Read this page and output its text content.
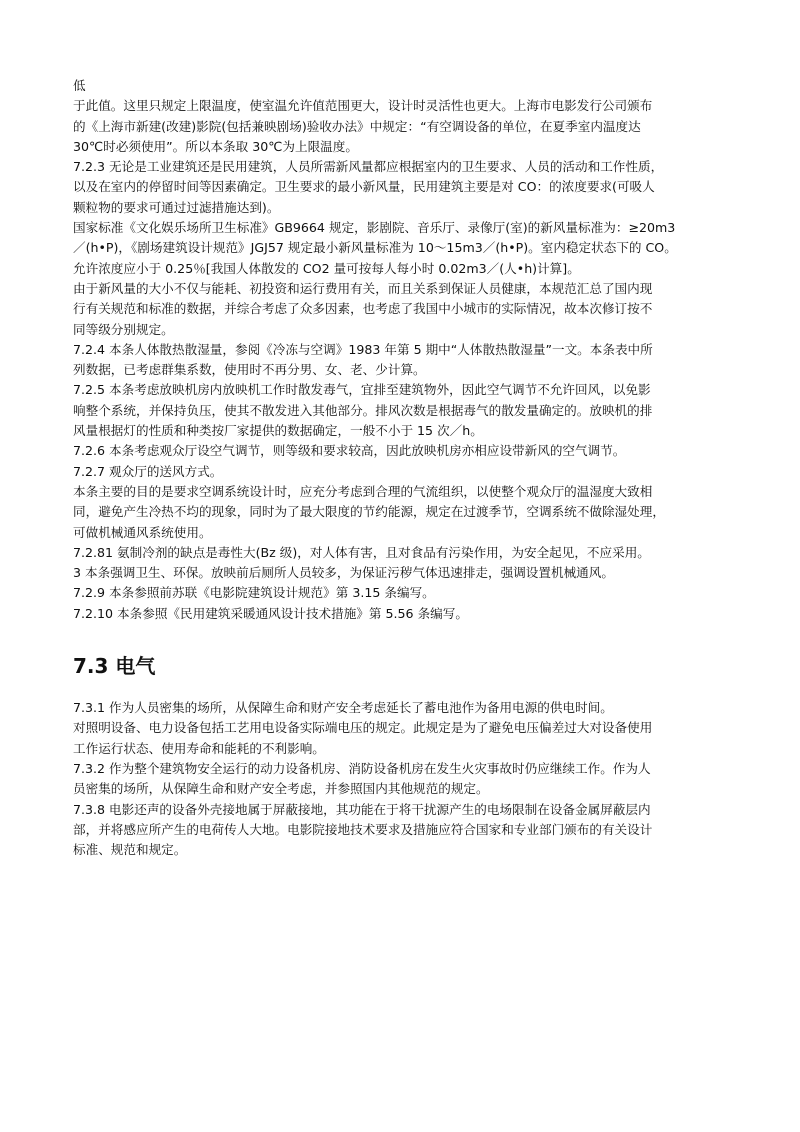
低

于此值。这里只规定上限温度，使室温允许值范围更大，设计时灵活性也更大。上海市电影发行公司颁布

的《上海市新建(改建)影院(包括兼映剧场)验收办法》中规定：“有空调设备的单位，在夏季室内温度达

30℃时必须使用”。所以本条取 30℃为上限温度。

7.2.3 无论是工业建筑还是民用建筑，人员所需新风量都应根据室内的卫生要求、人员的活动和工作性质，

以及在室内的停留时间等因素确定。卫生要求的最小新风量，民用建筑主要是对 CO：的浓度要求(可吸人

颗粒物的要求可通过过滤措施达到)。

国家标准《文化娱乐场所卫生标准》GB9664 规定，影剧院、音乐厅、录像厅(室)的新风量标准为：≥20m3

／(h•P)，《剧场建筑设计规范》JGJ57 规定最小新风量标准为 10～15m3／(h•P)。室内稳定状态下的 CO。

允许浓度应小于 0.25％[我国人体散发的 CO2 量可按每人每小时 0.02m3／(人•h)计算]。

由于新风量的大小不仅与能耗、初投资和运行费用有关，而且关系到保证人员健康，本规范汇总了国内现

行有关规范和标准的数据，并综合考虑了众多因素，也考虑了我国中小城市的实际情况，故本次修订按不

同等级分别规定。

7.2.4 本条人体散热散湿量，参阅《冷冻与空调》1983 年第 5 期中“人体散热散湿量”一文。本条表中所

列数据，已考虑群集系数，使用时不再分男、女、老、少计算。

7.2.5 本条考虑放映机房内放映机工作时散发毒气，宜排至建筑物外，因此空气调节不允许回风，以免影

响整个系统，并保持负压，使其不散发进入其他部分。排风次数是根据毒气的散发量确定的。放映机的排

风量根据灯的性质和种类按厂家提供的数据确定，一般不小于 15 次／h。

7.2.6 本条考虑观众厅设空气调节，则等级和要求较高，因此放映机房亦相应设带新风的空气调节。

7.2.7 观众厅的送风方式。

本条主要的目的是要求空调系统设计时，应充分考虑到合理的气流组织，以使整个观众厅的温湿度大致相

同，避免产生冷热不均的现象，同时为了最大限度的节约能源，规定在过渡季节，空调系统不做除湿处理，

可做机械通风系统使用。

7.2.81 氨制冷剂的缺点是毒性大(Bz 级)，对人体有害，且对食品有污染作用，为安全起见，不应采用。

3 本条强调卫生、环保。放映前后厕所人员较多，为保证污秽气体迅速排走，强调设置机械通风。

7.2.9 本条参照前苏联《电影院建筑设计规范》第 3.15 条编写。

7.2.10 本条参照《民用建筑采暖通风设计技术措施》第 5.56 条编写。

7.3 电气

7.3.1 作为人员密集的场所，从保障生命和财产安全考虑延长了蓄电池作为备用电源的供电时间。

对照明设备、电力设备包括工艺用电设备实际端电压的规定。此规定是为了避免电压偏差过大对设备使用

工作运行状态、使用寿命和能耗的不利影响。

7.3.2 作为整个建筑物安全运行的动力设备机房、消防设备机房在发生火灾事故时仍应继续工作。作为人

员密集的场所，从保障生命和财产安全考虑，并参照国内其他规范的规定。

7.3.8 电影还声的设备外壳接地属于屏蔽接地，其功能在于将干扰源产生的电场限制在设备金属屏蔽层内

部，并将感应所产生的电荷传人大地。电影院接地技术要求及措施应符合国家和专业部门颁布的有关设计

标准、规范和规定。
